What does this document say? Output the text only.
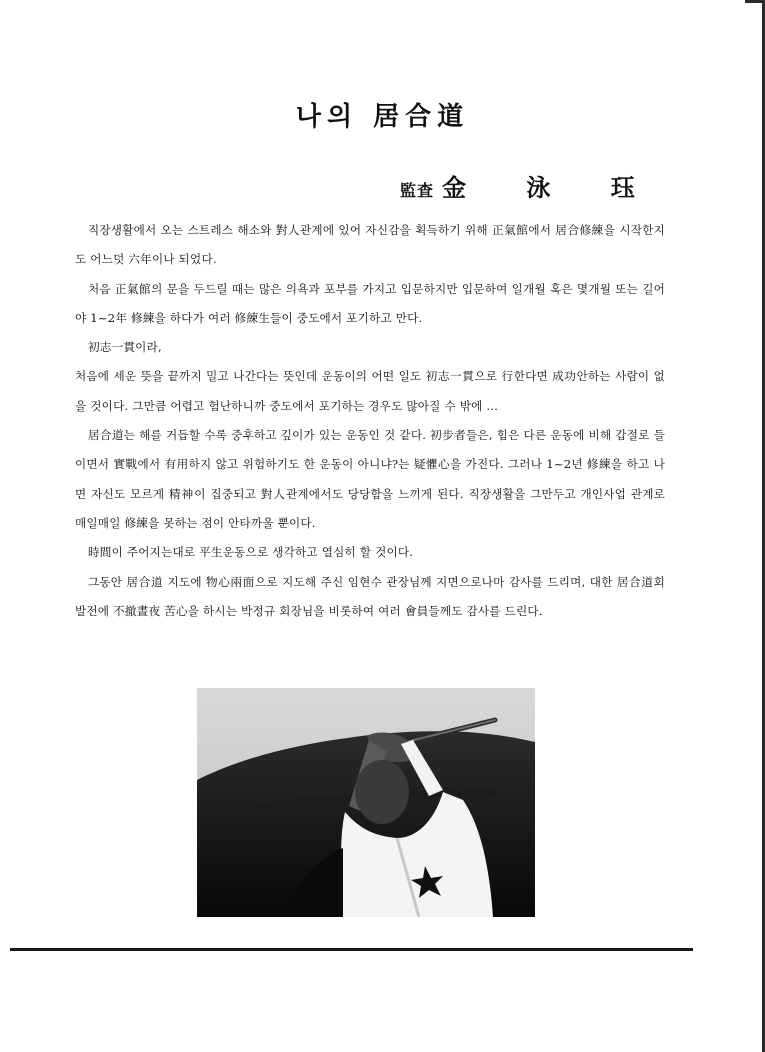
나의 居合道
監査 金 泳 珏

직장생활에서 오는 스트레스 해소와 對人관계에 있어 자신감을 획득하기 위해 正氣館에서 居合修練을 시작한지도 어느덧 六年이나 되었다.

처음 正氣館의 문을 두드릴 때는 많은 의욕과 포부를 가지고 입문하지만 입문하여 일개월 혹은 몇개월 또는 길어야 1~2年 修練을 하다가 여러 修練生들이 중도에서 포기하고 만다.

初志一貫이라,

처음에 세운 뜻을 끝까지 밀고 나간다는 뜻인데 운동이의 어떤 일도 初志一貫으로 行한다면 成功안하는 사람이 없을 것이다. 그만큼 어렵고 험난하니까 중도에서 포기하는 경우도 많아질 수 밖에 …

居合道는 해를 거듭할 수록 중후하고 깊이가 있는 운동인 것 같다. 初步者들은, 힘은 다른 운동에 비해 갑절로 들이면서 實戰에서 有用하지 않고 위험하기도 한 운동이 아니냐?는 疑懼心을 가진다. 그러나 1~2년 修練을 하고 나면 자신도 모르게 精神이 집중되고 對人관계에서도 당당함을 느끼게 된다. 직장생활을 그만두고 개인사업 관계로 매일매일 修練을 못하는 점이 안타까울 뿐이다.

時間이 주어지는대로 平生운동으로 생각하고 열심히 할 것이다.

그동안 居合道 지도에 物心兩面으로 지도해 주신 임현수 관장님께 지면으로나마 감사를 드리며, 대한 居合道회 발전에 不撤晝夜 苦心을 하시는 박정규 회장님을 비롯하여 여러 會員들께도 감사를 드린다.
